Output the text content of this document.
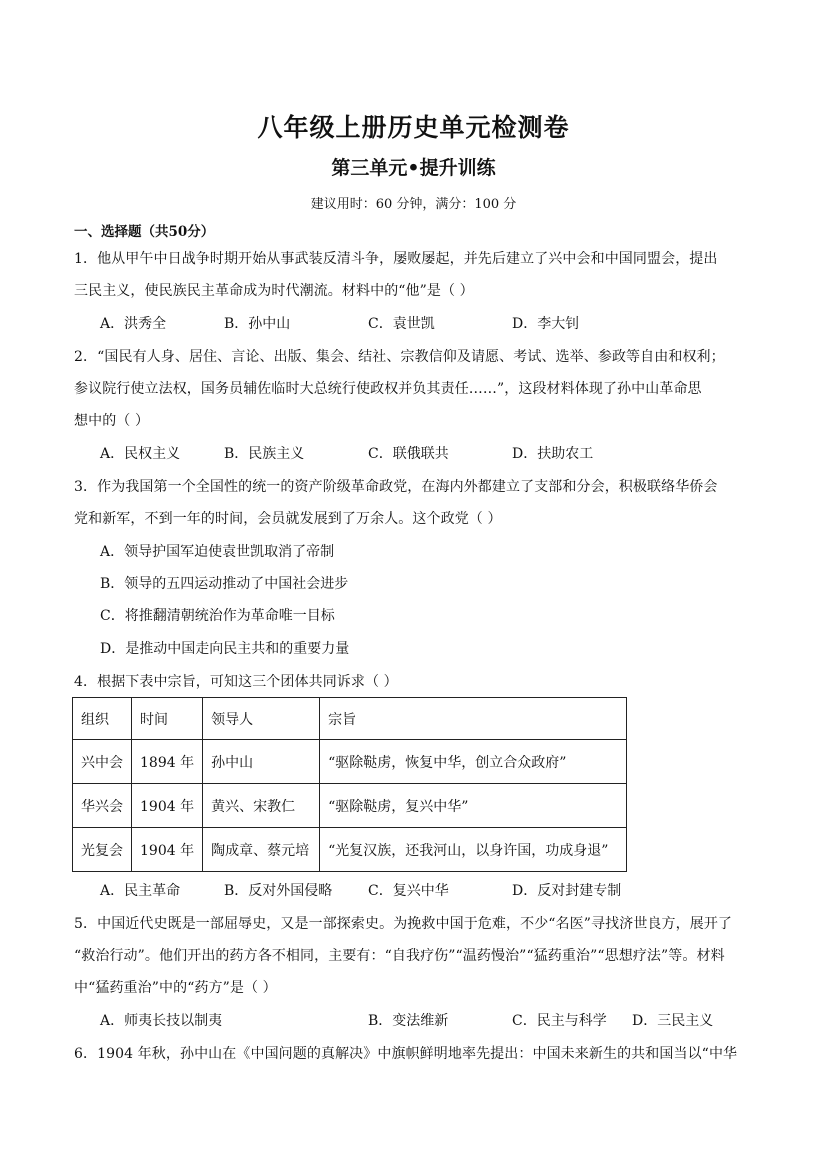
八年级上册历史单元检测卷
第三单元•提升训练
建议用时：60 分钟，满分：100 分
一、选择题（共50分）
1．他从甲午中日战争时期开始从事武装反清斗争，屡败屡起，并先后建立了兴中会和中国同盟会，提出
三民主义，使民族民主革命成为时代潮流。材料中的“他”是（ ）
A．洪秀全	B．孙中山	C．袁世凯	D．李大钊
2．“国民有人身、居住、言论、出版、集会、结社、宗教信仰及请愿、考试、选举、参政等自由和权利；
参议院行使立法权，国务员辅佐临时大总统行使政权并负其责任……”，这段材料体现了孙中山革命思
想中的（ ）
A．民权主义	B．民族主义	C．联俄联共	D．扶助农工
3．作为我国第一个全国性的统一的资产阶级革命政党，在海内外都建立了支部和分会，积极联络华侨会
党和新军，不到一年的时间，会员就发展到了万余人。这个政党（ ）
A．领导护国军迫使袁世凯取消了帝制
B．领导的五四运动推动了中国社会进步
C．将推翻清朝统治作为革命唯一目标
D．是推动中国走向民主共和的重要力量
4．根据下表中宗旨，可知这三个团体共同诉求（ ）
组织	时间	领导人	宗旨
兴中会	1894 年	孙中山	“驱除鞑虏，恢复中华，创立合众政府”
华兴会	1904 年	黄兴、宋教仁	“驱除鞑虏，复兴中华”
光复会	1904 年	陶成章、蔡元培	“光复汉族，还我河山，以身许国，功成身退”
A．民主革命	B．反对外国侵略	C．复兴中华	D．反对封建专制
5．中国近代史既是一部屈辱史，又是一部探索史。为挽救中国于危难，不少“名医”寻找济世良方，展开了
“救治行动”。他们开出的药方各不相同，主要有：“自我疗伤”“温药慢治”“猛药重治”“思想疗法”等。材料
中“猛药重治”中的“药方”是（ ）
A．师夷长技以制夷	B．变法维新	C．民主与科学 D．三民主义
6．1904 年秋，孙中山在《中国问题的真解决》中旗帜鲜明地率先提出：中国未来新生的共和国当以“中华
